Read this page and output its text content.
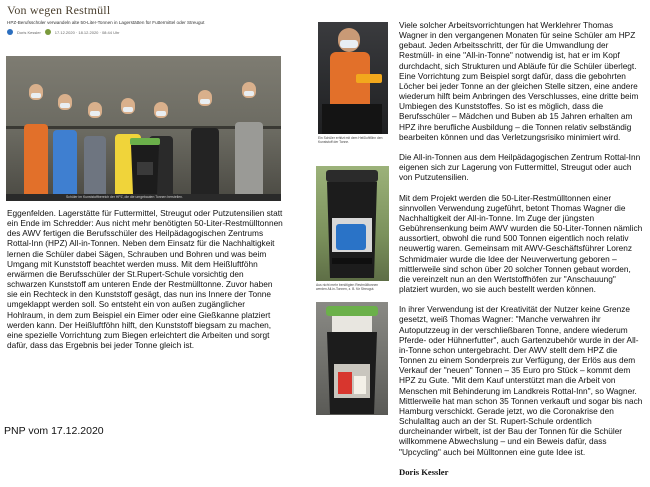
Von wegen Restmüll
HPZ-Berufsschüler verwandeln alte 50-Liter-Tonnen in Lagerstätten für Futtermittel oder Streugut
Doris Kessler	17.12.2020 · 18.12.2020 · 08:44 Uhr
Schüler im Kunststoffbereich der HPZ, die die umgebauten Tonnen herstellen.

Eggenfelden. Lagerstätte für Futtermittel, Streugut oder Putzutensilien statt ein Ende im Schredder: Aus nicht mehr benötigten 50-Liter-Restmülltonnen des AWV fertigen die Berufsschüler des Heilpädagogischen Zentrums Rottal-Inn (HPZ) All-in-Tonnen. Neben dem Einsatz für die Nachhaltigkeit lernen die Schüler dabei Sägen, Schrauben und Bohren und was beim Umgang mit Kunststoff beachtet werden muss. Mit dem Heißluftföhn erwärmen die Berufsschüler der St.Rupert-Schule vorsichtig den schwarzen Kunststoff am unteren Ende der Restmülltonne. Zuvor haben sie ein Rechteck in den Kunststoff gesägt, das nun ins Innere der Tonne umgeklappt werden soll. So entsteht ein von außen zugänglicher Hohlraum, in dem zum Beispiel ein Eimer oder eine Gießkanne platziert werden kann. Der Heißluftföhn hilft, den Kunststoff biegsam zu machen, eine spezielle Vorrichtung zum Biegen erleichtert die Arbeiten und sorgt dafür, dass das Ergebnis bei jeder Tonne gleich ist.

Ein Schüler erhitzt mit dem Heißluftföhn den Kunststoff der Tonne.
Aus nicht mehr benötigten Restmülltonnen werden All-in-Tonnen, z. B. für Streugut.

Viele solcher Arbeitsvorrichtungen hat Werklehrer Thomas Wagner in den vergangenen Monaten für seine Schüler am HPZ gebaut. Jeden Arbeitsschritt, der für die Umwandlung der Restmüll- in eine "All-in-Tonne" notwendig ist, hat er im Kopf durchdacht, sich Strukturen und Abläufe für die Schüler überlegt. Eine Vorrichtung zum Beispiel sorgt dafür, dass die gebohrten Löcher bei jeder Tonne an der gleichen Stelle sitzen, eine andere wiederum hilft beim Anbringen des Verschlusses, eine dritte beim Umbiegen des Kunststoffes. So ist es möglich, dass die Berufsschüler – Mädchen und Buben ab 15 Jahren erhalten am HPZ ihre berufliche Ausbildung – die Tonnen relativ selbständig bearbeiten können und das Verletzungsrisiko minimiert wird.

Die All-in-Tonnen aus dem Heilpädagogischen Zentrum Rottal-Inn eigenen sich zur Lagerung von Futtermittel, Streugut oder auch von Putzutensilien.

Mit dem Projekt werden die 50-Liter-Restmülltonnen einer sinnvollen Verwendung zugeführt, betont Thomas Wagner die Nachhaltigkeit der All-in-Tonne. Im Zuge der jüngsten Gebührensenkung beim AWV wurden die 50-Liter-Tonnen nämlich aussortiert, obwohl die rund 500 Tonnen eigentlich noch relativ neuwertig waren. Gemeinsam mit AWV-Geschäftsführer Lorenz Schmidmaier wurde die Idee der Neuverwertung geboren – mittlerweile sind schon über 20 solcher Tonnen gebaut worden, die vereinzelt nun an den Wertstoffhöfen zur "Anschauung" platziert wurden, wo sie auch bestellt werden können.

In ihrer Verwendung ist der Kreativität der Nutzer keine Grenze gesetzt, weiß Thomas Wagner: "Manche verwahren ihr Autoputzzeug in der verschließbaren Tonne, andere wiederum Pferde- oder Hühnerfutter", auch Gartenzubehör wurde in der All-in-Tonne schon untergebracht. Der AWV stellt dem HPZ die Tonnen zu einem Sonderpreis zur Verfügung, der Erlös aus dem Verkauf der "neuen" Tonnen – 35 Euro pro Stück – kommt dem HPZ zu Gute. "Mit dem Kauf unterstützt man die Arbeit von Menschen mit Behinderung im Landkreis Rottal-Inn", so Wagner. Mittlerweile hat man schon 35 Tonnen verkauft und sogar bis nach Hamburg verschickt. Gerade jetzt, wo die Coronakrise den Schulalltag auch an der St. Rupert-Schule ordentlich durcheinander wirbelt, ist der Bau der Tonnen für die Schüler willkommene Abwechslung – und ein Beweis dafür, dass "Upcycling" auch bei Mülltonnen eine gute Idee ist.

Doris Kessler

PNP vom 17.12.2020
